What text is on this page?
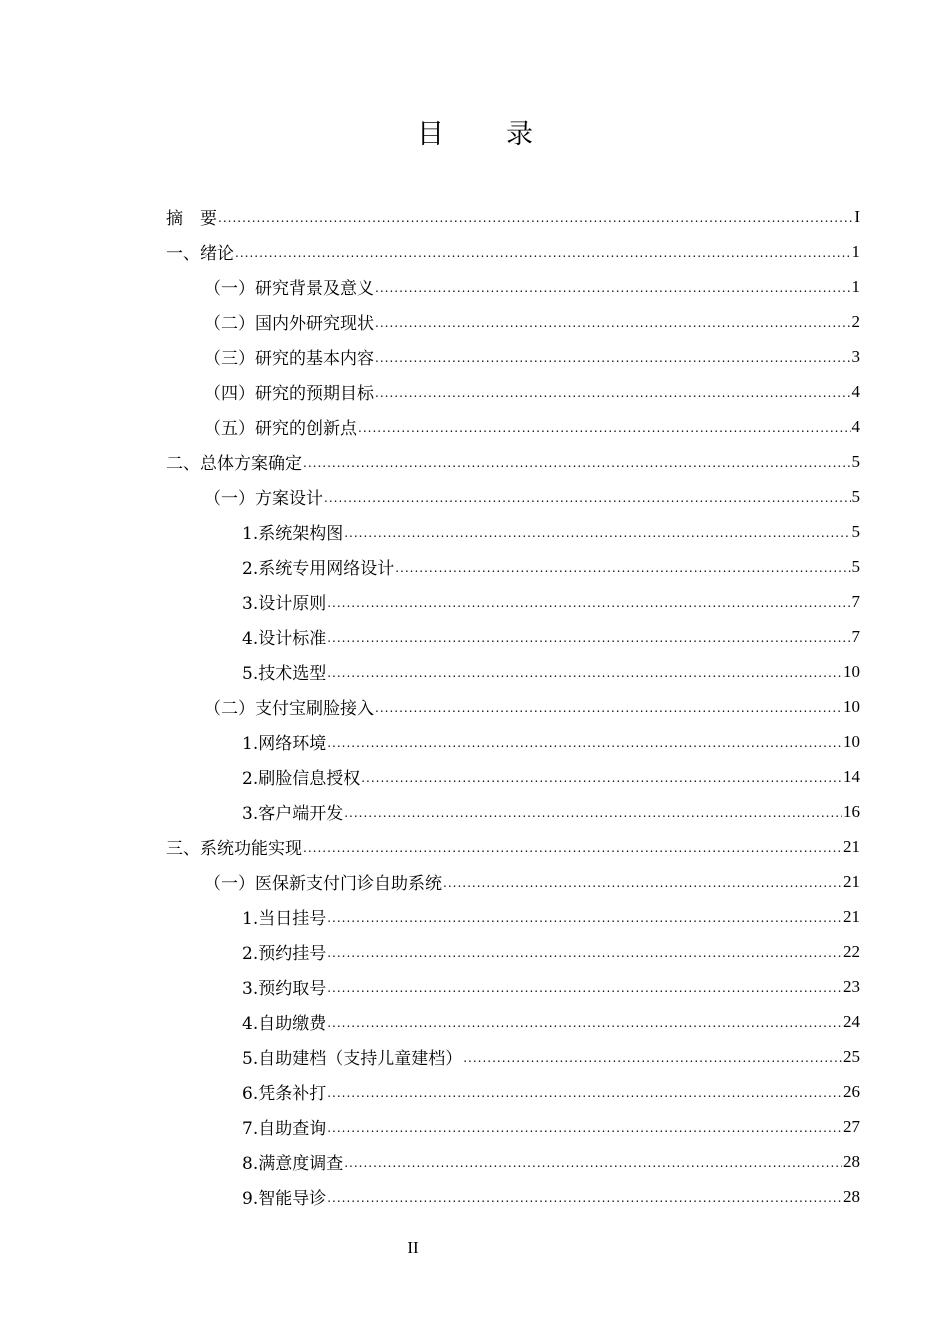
目 录
摘　要 .....	I
一、绪论 .....	1
（一）研究背景及意义 .....	1
（二）国内外研究现状 .....	2
（三）研究的基本内容 .....	3
（四）研究的预期目标 .....	4
（五）研究的创新点 .....	4
二、总体方案确定 .....	5
（一）方案设计 .....	5
1.系统架构图 .....	5
2.系统专用网络设计 .....	5
3.设计原则 .....	7
4.设计标准 .....	7
5.技术选型 .....	10
（二）支付宝刷脸接入 .....	10
1.网络环境 .....	10
2.刷脸信息授权 .....	14
3.客户端开发 .....	16
三、系统功能实现 .....	21
（一）医保新支付门诊自助系统 .....	21
1.当日挂号 .....	21
2.预约挂号 .....	22
3.预约取号 .....	23
4.自助缴费 .....	24
5.自助建档（支持儿童建档） .....	25
6.凭条补打 .....	26
7.自助查询 .....	27
8.满意度调查 .....	28
9.智能导诊 .....	28
II
